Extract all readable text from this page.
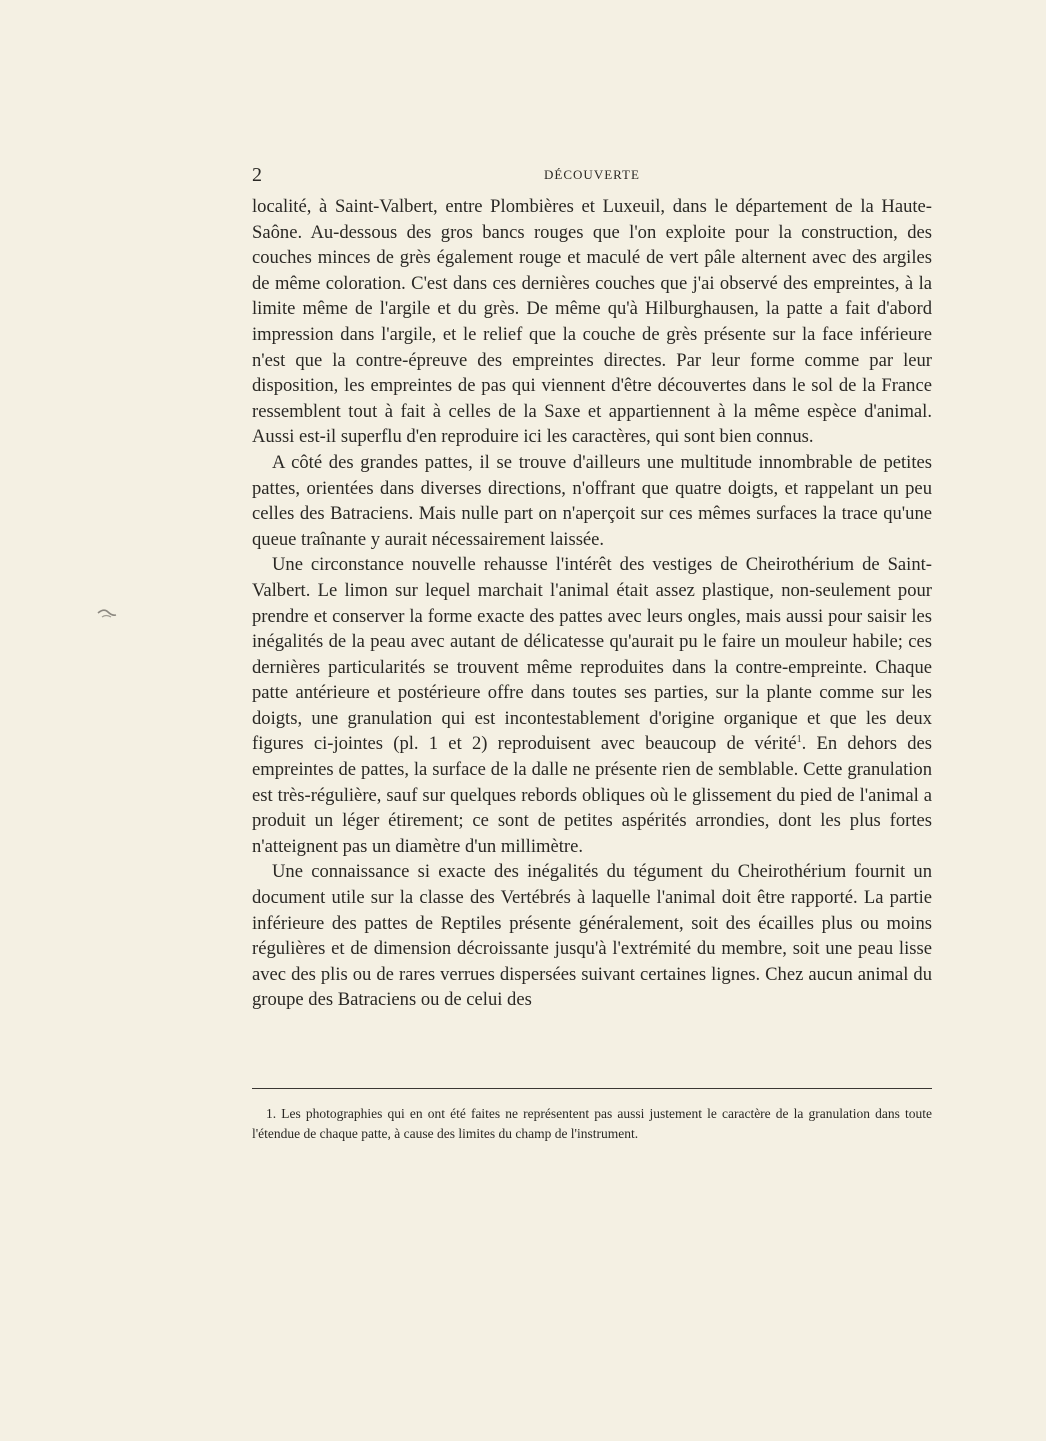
2	DÉCOUVERTE

localité, à Saint-Valbert, entre Plombières et Luxeuil, dans le département de la Haute-Saône. Au-dessous des gros bancs rouges que l'on exploite pour la construction, des couches minces de grès également rouge et maculé de vert pâle alternent avec des argiles de même coloration. C'est dans ces dernières couches que j'ai observé des empreintes, à la limite même de l'argile et du grès. De même qu'à Hilburghausen, la patte a fait d'abord impression dans l'argile, et le relief que la couche de grès présente sur la face inférieure n'est que la contre-épreuve des empreintes directes. Par leur forme comme par leur disposition, les empreintes de pas qui viennent d'être découvertes dans le sol de la France ressemblent tout à fait à celles de la Saxe et appartiennent à la même espèce d'animal. Aussi est-il superflu d'en reproduire ici les caractères, qui sont bien connus.

A côté des grandes pattes, il se trouve d'ailleurs une multitude innombrable de petites pattes, orientées dans diverses directions, n'offrant que quatre doigts, et rappelant un peu celles des Batraciens. Mais nulle part on n'aperçoit sur ces mêmes surfaces la trace qu'une queue traînante y aurait nécessairement laissée.

Une circonstance nouvelle rehausse l'intérêt des vestiges de Cheirothérium de Saint-Valbert. Le limon sur lequel marchait l'animal était assez plastique, non-seulement pour prendre et conserver la forme exacte des pattes avec leurs ongles, mais aussi pour saisir les inégalités de la peau avec autant de délicatesse qu'aurait pu le faire un mouleur habile; ces dernières particularités se trouvent même reproduites dans la contre-empreinte. Chaque patte antérieure et postérieure offre dans toutes ses parties, sur la plante comme sur les doigts, une granulation qui est incontestablement d'origine organique et que les deux figures ci-jointes (pl. 1 et 2) reproduisent avec beaucoup de vérité$^1$. En dehors des empreintes de pattes, la surface de la dalle ne présente rien de semblable. Cette granulation est très-régulière, sauf sur quelques rebords obliques où le glissement du pied de l'animal a produit un léger étirement; ce sont de petites aspérités arrondies, dont les plus fortes n'atteignent pas un diamètre d'un millimètre.

Une connaissance si exacte des inégalités du tégument du Cheirothérium fournit un document utile sur la classe des Vertébrés à laquelle l'animal doit être rapporté. La partie inférieure des pattes de Reptiles présente généralement, soit des écailles plus ou moins régulières et de dimension décroissante jusqu'à l'extrémité du membre, soit une peau lisse avec des plis ou de rares verrues dispersées suivant certaines lignes. Chez aucun animal du groupe des Batraciens ou de celui des

1. Les photographies qui en ont été faites ne représentent pas aussi justement le caractère de la granulation dans toute l'étendue de chaque patte, à cause des limites du champ de l'instrument.
